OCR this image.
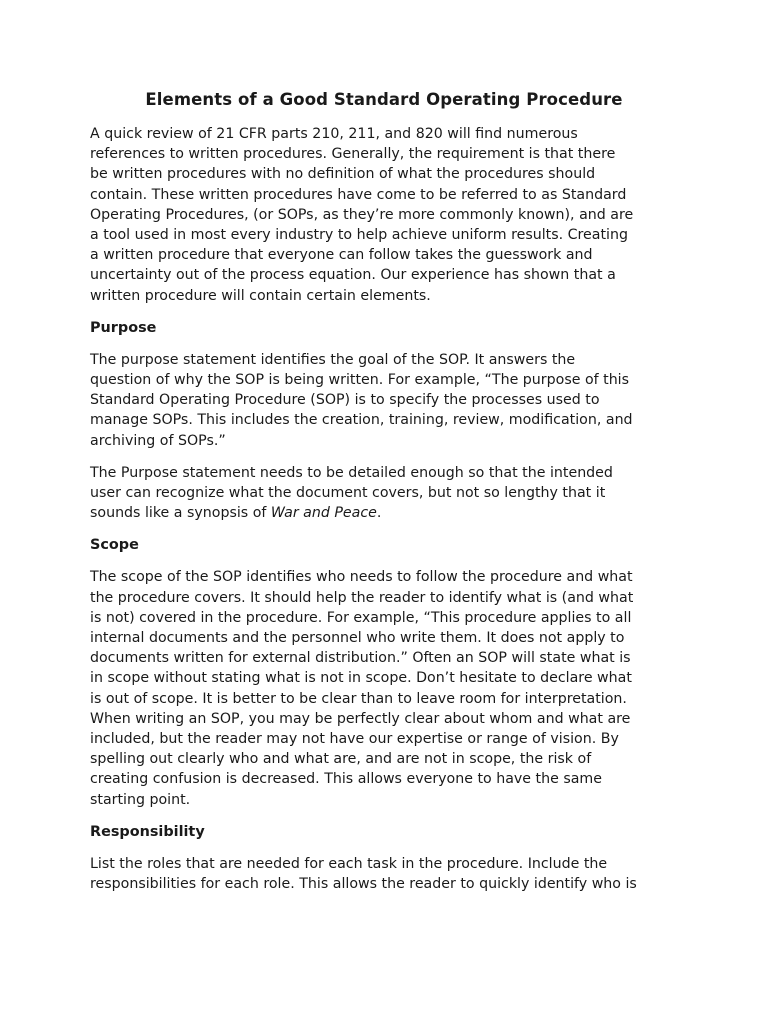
Elements of a Good Standard Operating Procedure

A quick review of 21 CFR parts 210, 211, and 820 will find numerous
references to written procedures. Generally, the requirement is that there
be written procedures with no definition of what the procedures should
contain. These written procedures have come to be referred to as Standard
Operating Procedures, (or SOPs, as they’re more commonly known), and are
a tool used in most every industry to help achieve uniform results. Creating
a written procedure that everyone can follow takes the guesswork and
uncertainty out of the process equation. Our experience has shown that a
written procedure will contain certain elements.

Purpose

The purpose statement identifies the goal of the SOP. It answers the
question of why the SOP is being written. For example, “The purpose of this
Standard Operating Procedure (SOP) is to specify the processes used to
manage SOPs. This includes the creation, training, review, modification, and
archiving of SOPs.”

The Purpose statement needs to be detailed enough so that the intended
user can recognize what the document covers, but not so lengthy that it
sounds like a synopsis of War and Peace.

Scope

The scope of the SOP identifies who needs to follow the procedure and what
the procedure covers. It should help the reader to identify what is (and what
is not) covered in the procedure. For example, “This procedure applies to all
internal documents and the personnel who write them. It does not apply to
documents written for external distribution.” Often an SOP will state what is
in scope without stating what is not in scope. Don’t hesitate to declare what
is out of scope. It is better to be clear than to leave room for interpretation.
When writing an SOP, you may be perfectly clear about whom and what are
included, but the reader may not have our expertise or range of vision. By
spelling out clearly who and what are, and are not in scope, the risk of
creating confusion is decreased. This allows everyone to have the same
starting point.

Responsibility

List the roles that are needed for each task in the procedure. Include the
responsibilities for each role. This allows the reader to quickly identify who is
